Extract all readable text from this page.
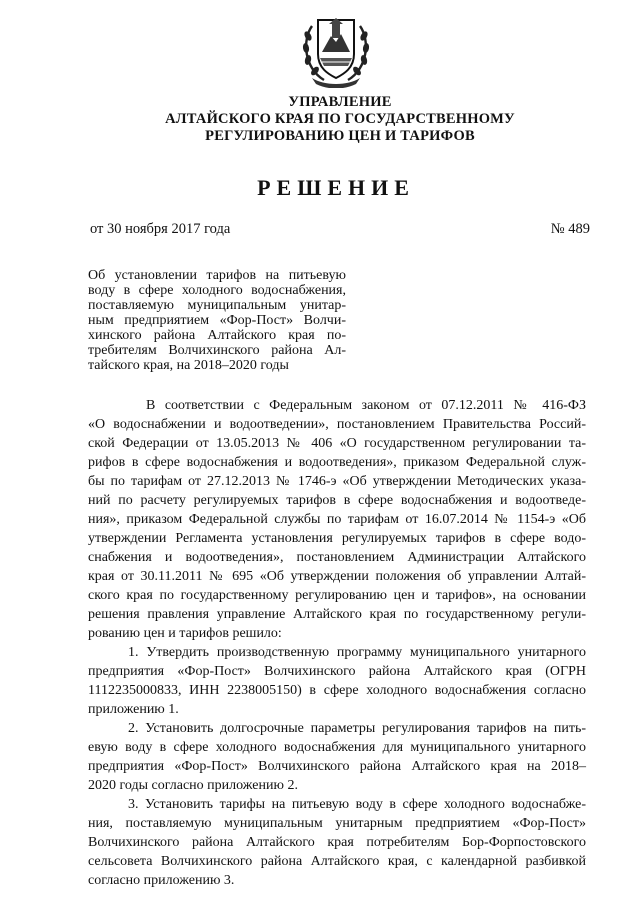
УПРАВЛЕНИЕ
АЛТАЙСКОГО КРАЯ ПО ГОСУДАРСТВЕННОМУ
РЕГУЛИРОВАНИЮ ЦЕН И ТАРИФОВ
РЕШЕНИЕ
от 30 ноября 2017 года	№ 489
Об установлении тарифов на питьевую
воду в сфере холодного водоснабжения,
поставляемую муниципальным унитар-
ным предприятием «Фор-Пост» Волчи-
хинского района Алтайского края по-
требителям Волчихинского района Ал-
тайского края, на 2018–2020 годы
В соответствии с Федеральным законом от 07.12.2011 № 416-ФЗ
«О водоснабжении и водоотведении», постановлением Правительства Россий-
ской Федерации от 13.05.2013 № 406 «О государственном регулировании та-
рифов в сфере водоснабжения и водоотведения», приказом Федеральной служ-
бы по тарифам от 27.12.2013 № 1746-э «Об утверждении Методических указа-
ний по расчету регулируемых тарифов в сфере водоснабжения и водоотведе-
ния», приказом Федеральной службы по тарифам от 16.07.2014 № 1154-э «Об
утверждении Регламента установления регулируемых тарифов в сфере водо-
снабжения и водоотведения», постановлением Администрации Алтайского
края от 30.11.2011 № 695 «Об утверждении положения об управлении Алтай-
ского края по государственному регулированию цен и тарифов», на основании
решения правления управление Алтайского края по государственному регули-
рованию цен и тарифов решило:
1. Утвердить производственную программу муниципального унитарного
предприятия «Фор-Пост» Волчихинского района Алтайского края (ОГРН
1112235000833, ИНН 2238005150) в сфере холодного водоснабжения согласно
приложению 1.
2. Установить долгосрочные параметры регулирования тарифов на пить-
евую воду в сфере холодного водоснабжения для муниципального унитарного
предприятия «Фор-Пост» Волчихинского района Алтайского края на 2018–
2020 годы согласно приложению 2.
3. Установить тарифы на питьевую воду в сфере холодного водоснабже-
ния, поставляемую муниципальным унитарным предприятием «Фор-Пост»
Волчихинского района Алтайского края потребителям Бор-Форпостовского
сельсовета Волчихинского района Алтайского края, с календарной разбивкой
согласно приложению 3.
